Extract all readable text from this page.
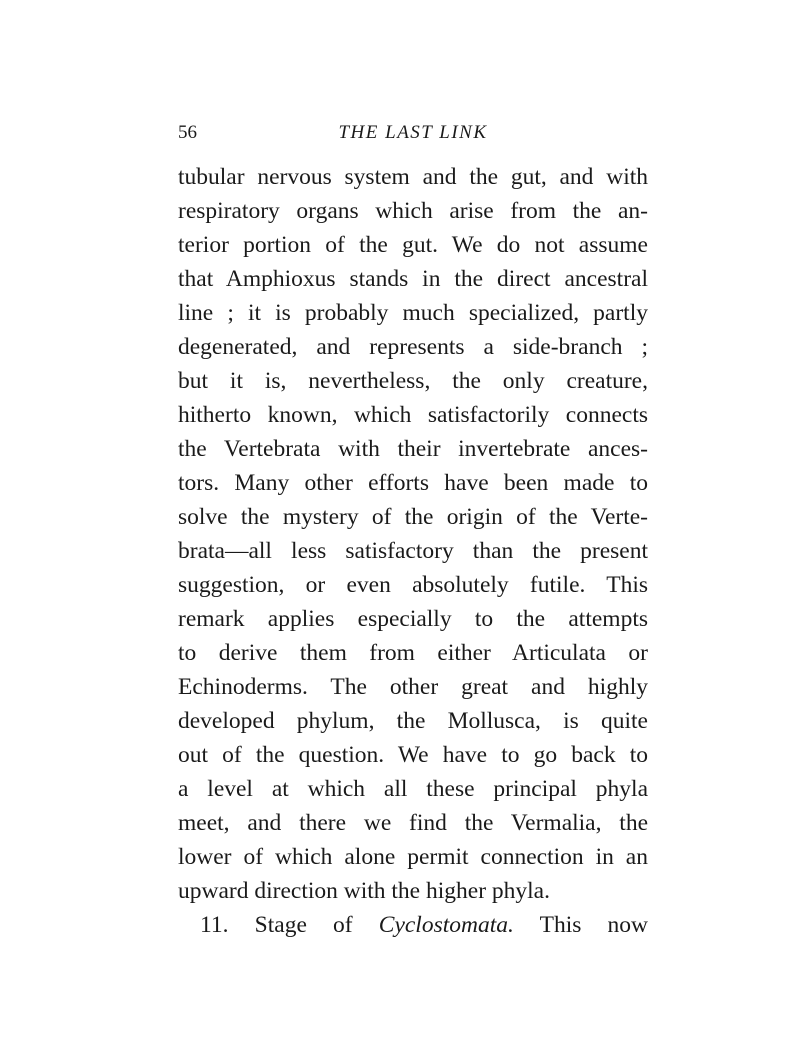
56	THE LAST LINK
tubular nervous system and the gut, and with
respiratory organs which arise from the an-
terior portion of the gut. We do not assume
that Amphioxus stands in the direct ancestral
line ; it is probably much specialized, partly
degenerated, and represents a side-branch ;
but it is, nevertheless, the only creature,
hitherto known, which satisfactorily connects
the Vertebrata with their invertebrate ances-
tors. Many other efforts have been made to
solve the mystery of the origin of the Verte-
brata—all less satisfactory than the present
suggestion, or even absolutely futile. This
remark applies especially to the attempts
to derive them from either Articulata or
Echinoderms. The other great and highly
developed phylum, the Mollusca, is quite
out of the question. We have to go back to
a level at which all these principal phyla
meet, and there we find the Vermalia, the
lower of which alone permit connection in an
upward direction with the higher phyla.
11. Stage of Cyclostomata. This now
